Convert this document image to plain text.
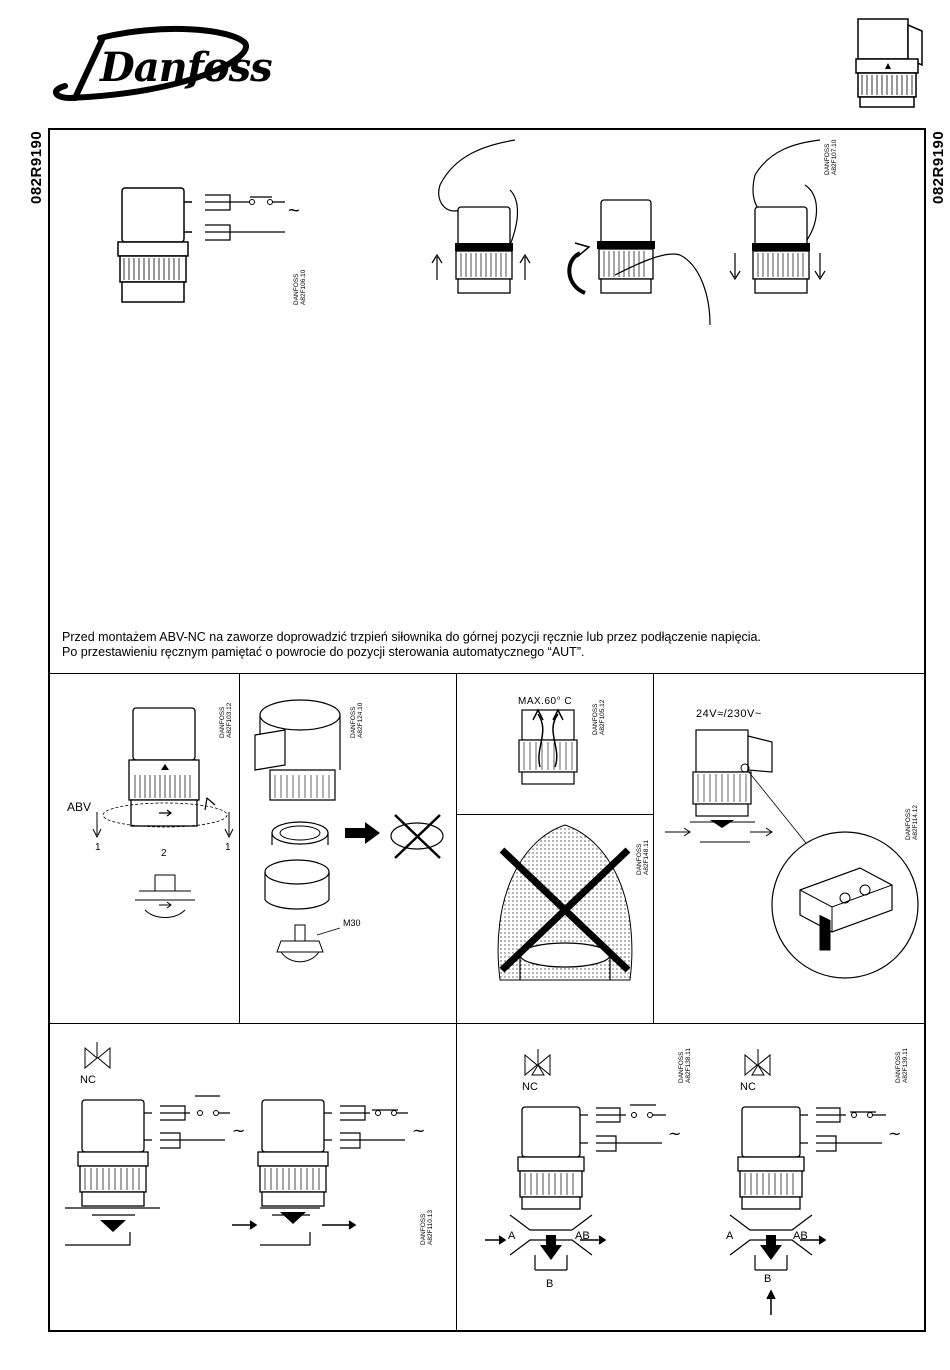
Danfoss
082R9190	082R9190
~
DANFOSS
A82F106.10
DANFOSS
A82F107.10
Przed montażem ABV-NC na zaworze doprowadzić trzpień siłownika do górnej pozycji ręcznie lub przez podłączenie napięcia.
Po przestawieniu ręcznym pamiętać o powrocie do pozycji sterowania automatycznego “AUT”.
ABV
1
2
1
DANFOSS
A82F103.12
M30
DANFOSS
A82F124.10
MAX.60° C
DANFOSS
A82F105.12
DANFOSS
A82F148.11
24V≈/230V~
DANFOSS
A82F114.12
~	~
NC
DANFOSS
A82F110.13
~
NC
A	AB
B
DANFOSS
A82F138.11
~
NC
A	AB
B
DANFOSS
A82F139.11
